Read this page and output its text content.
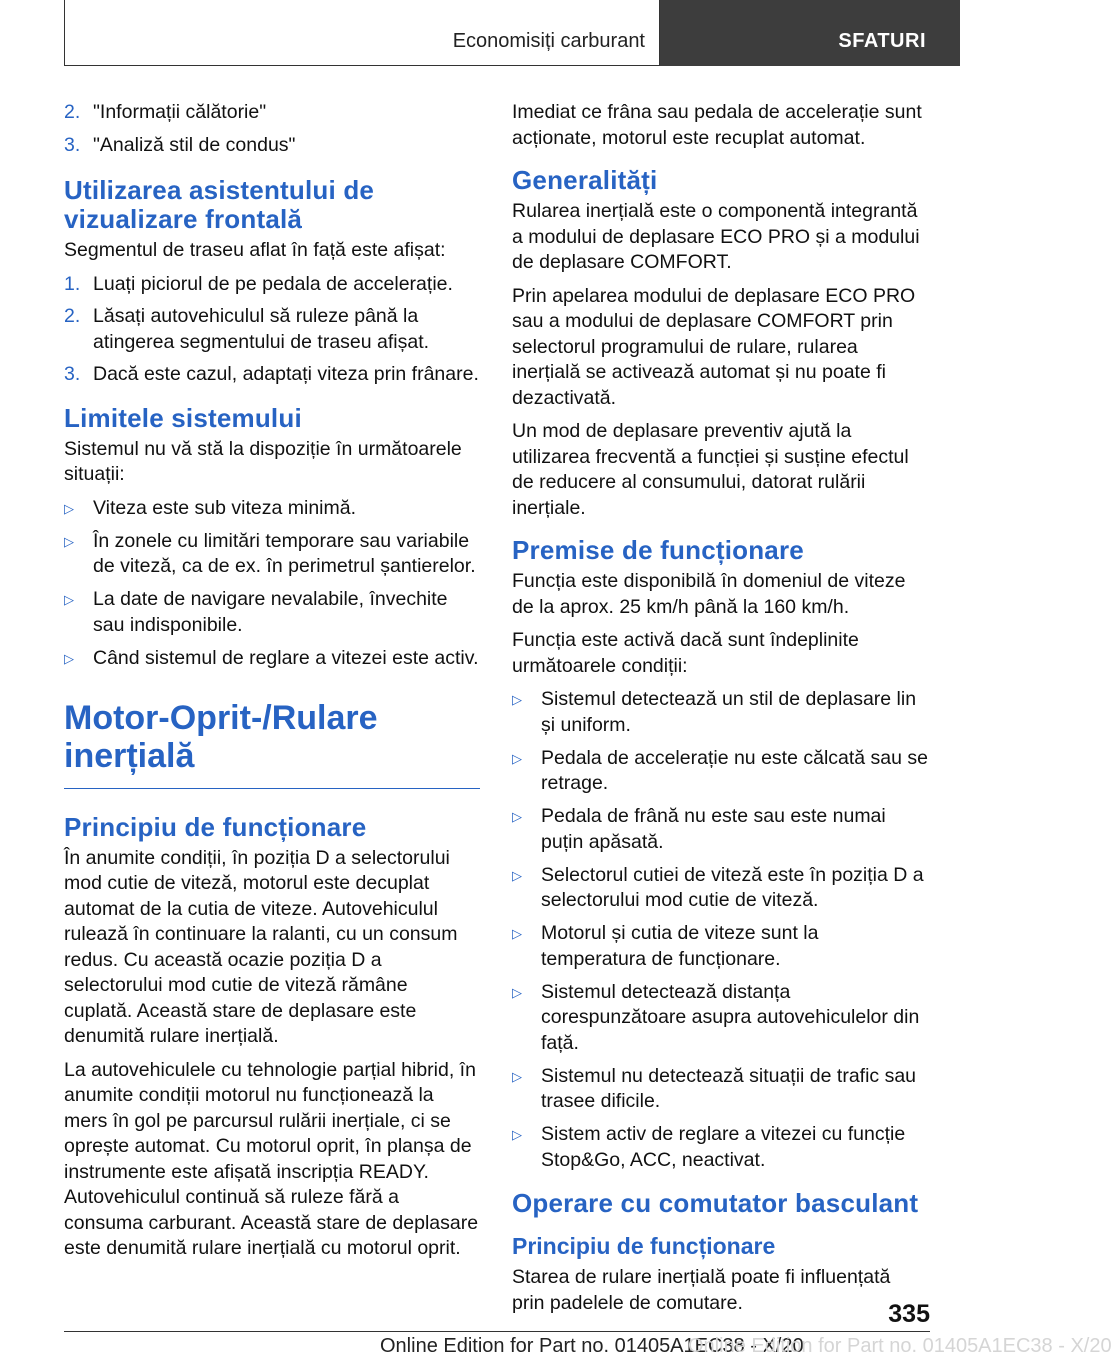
Economisiți carburant	SFATURI
2. "Informații călătorie"
3. "Analiză stil de condus"
Utilizarea asistentului de vizualizare frontală

Segmentul de traseu aflat în față este afișat:

1. Luați piciorul de pe pedala de accelerație.
2. Lăsați autovehiculul să ruleze până la atingerea segmentului de traseu afișat.
3. Dacă este cazul, adaptați viteza prin frânare.
Limitele sistemului

Sistemul nu vă stă la dispoziție în următoarele situații:

▷ Viteza este sub viteza minimă.
▷ În zonele cu limitări temporare sau variabile de viteză, ca de ex. în perimetrul șantierelor.
▷ La date de navigare nevalabile, învechite sau indisponibile.
▷ Când sistemul de reglare a vitezei este activ.
Motor-Oprit-/Rulare inerțială
Principiu de funcționare

În anumite condiții, în poziția D a selectorului mod cutie de viteză, motorul este decuplat automat de la cutia de viteze. Autovehiculul rulează în continuare la ralanti, cu un consum redus. Cu această ocazie poziția D a selectorului mod cutie de viteză rămâne cuplată. Această stare de deplasare este denumită rulare inerțială.

La autovehiculele cu tehnologie parțial hibrid, în anumite condiții motorul nu funcționează la mers în gol pe parcursul rulării inerțiale, ci se oprește automat. Cu motorul oprit, în planșa de instrumente este afișată inscripția READY. Autovehiculul continuă să ruleze fără a consuma carburant. Această stare de deplasare este denumită rulare inerțială cu motorul oprit.

Imediat ce frâna sau pedala de accelerație sunt acționate, motorul este recuplat automat.

Generalități

Rularea inerțială este o componentă integrantă a modului de deplasare ECO PRO și a modului de deplasare COMFORT.

Prin apelarea modului de deplasare ECO PRO sau a modului de deplasare COMFORT prin selectorul programului de rulare, rularea inerțială se activează automat și nu poate fi dezactivată.

Un mod de deplasare preventiv ajută la utilizarea frecventă a funcției și susține efectul de reducere al consumului, datorat rulării inerțiale.

Premise de funcționare

Funcția este disponibilă în domeniul de viteze de la aprox. 25 km/h până la 160 km/h.

Funcția este activă dacă sunt îndeplinite următoarele condiții:

▷ Sistemul detectează un stil de deplasare lin și uniform.
▷ Pedala de accelerație nu este călcată sau se retrage.
▷ Pedala de frână nu este sau este numai puțin apăsată.
▷ Selectorul cutiei de viteză este în poziția D a selectorului mod cutie de viteză.
▷ Motorul și cutia de viteze sunt la temperatura de funcționare.
▷ Sistemul detectează distanța corespunzătoare asupra autovehiculelor din față.
▷ Sistemul nu detectează situații de trafic sau trasee dificile.
▷ Sistem activ de reglare a vitezei cu funcție Stop&Go, ACC, neactivat.
Operare cu comutator basculant
Principiu de funcționare

Starea de rulare inerțială poate fi influențată prin padelele de comutare.	335
Online Edition for Part no. 01405A1EC38 - X/20
Online Edition for Part no. 01405A1EC38 - X/20
